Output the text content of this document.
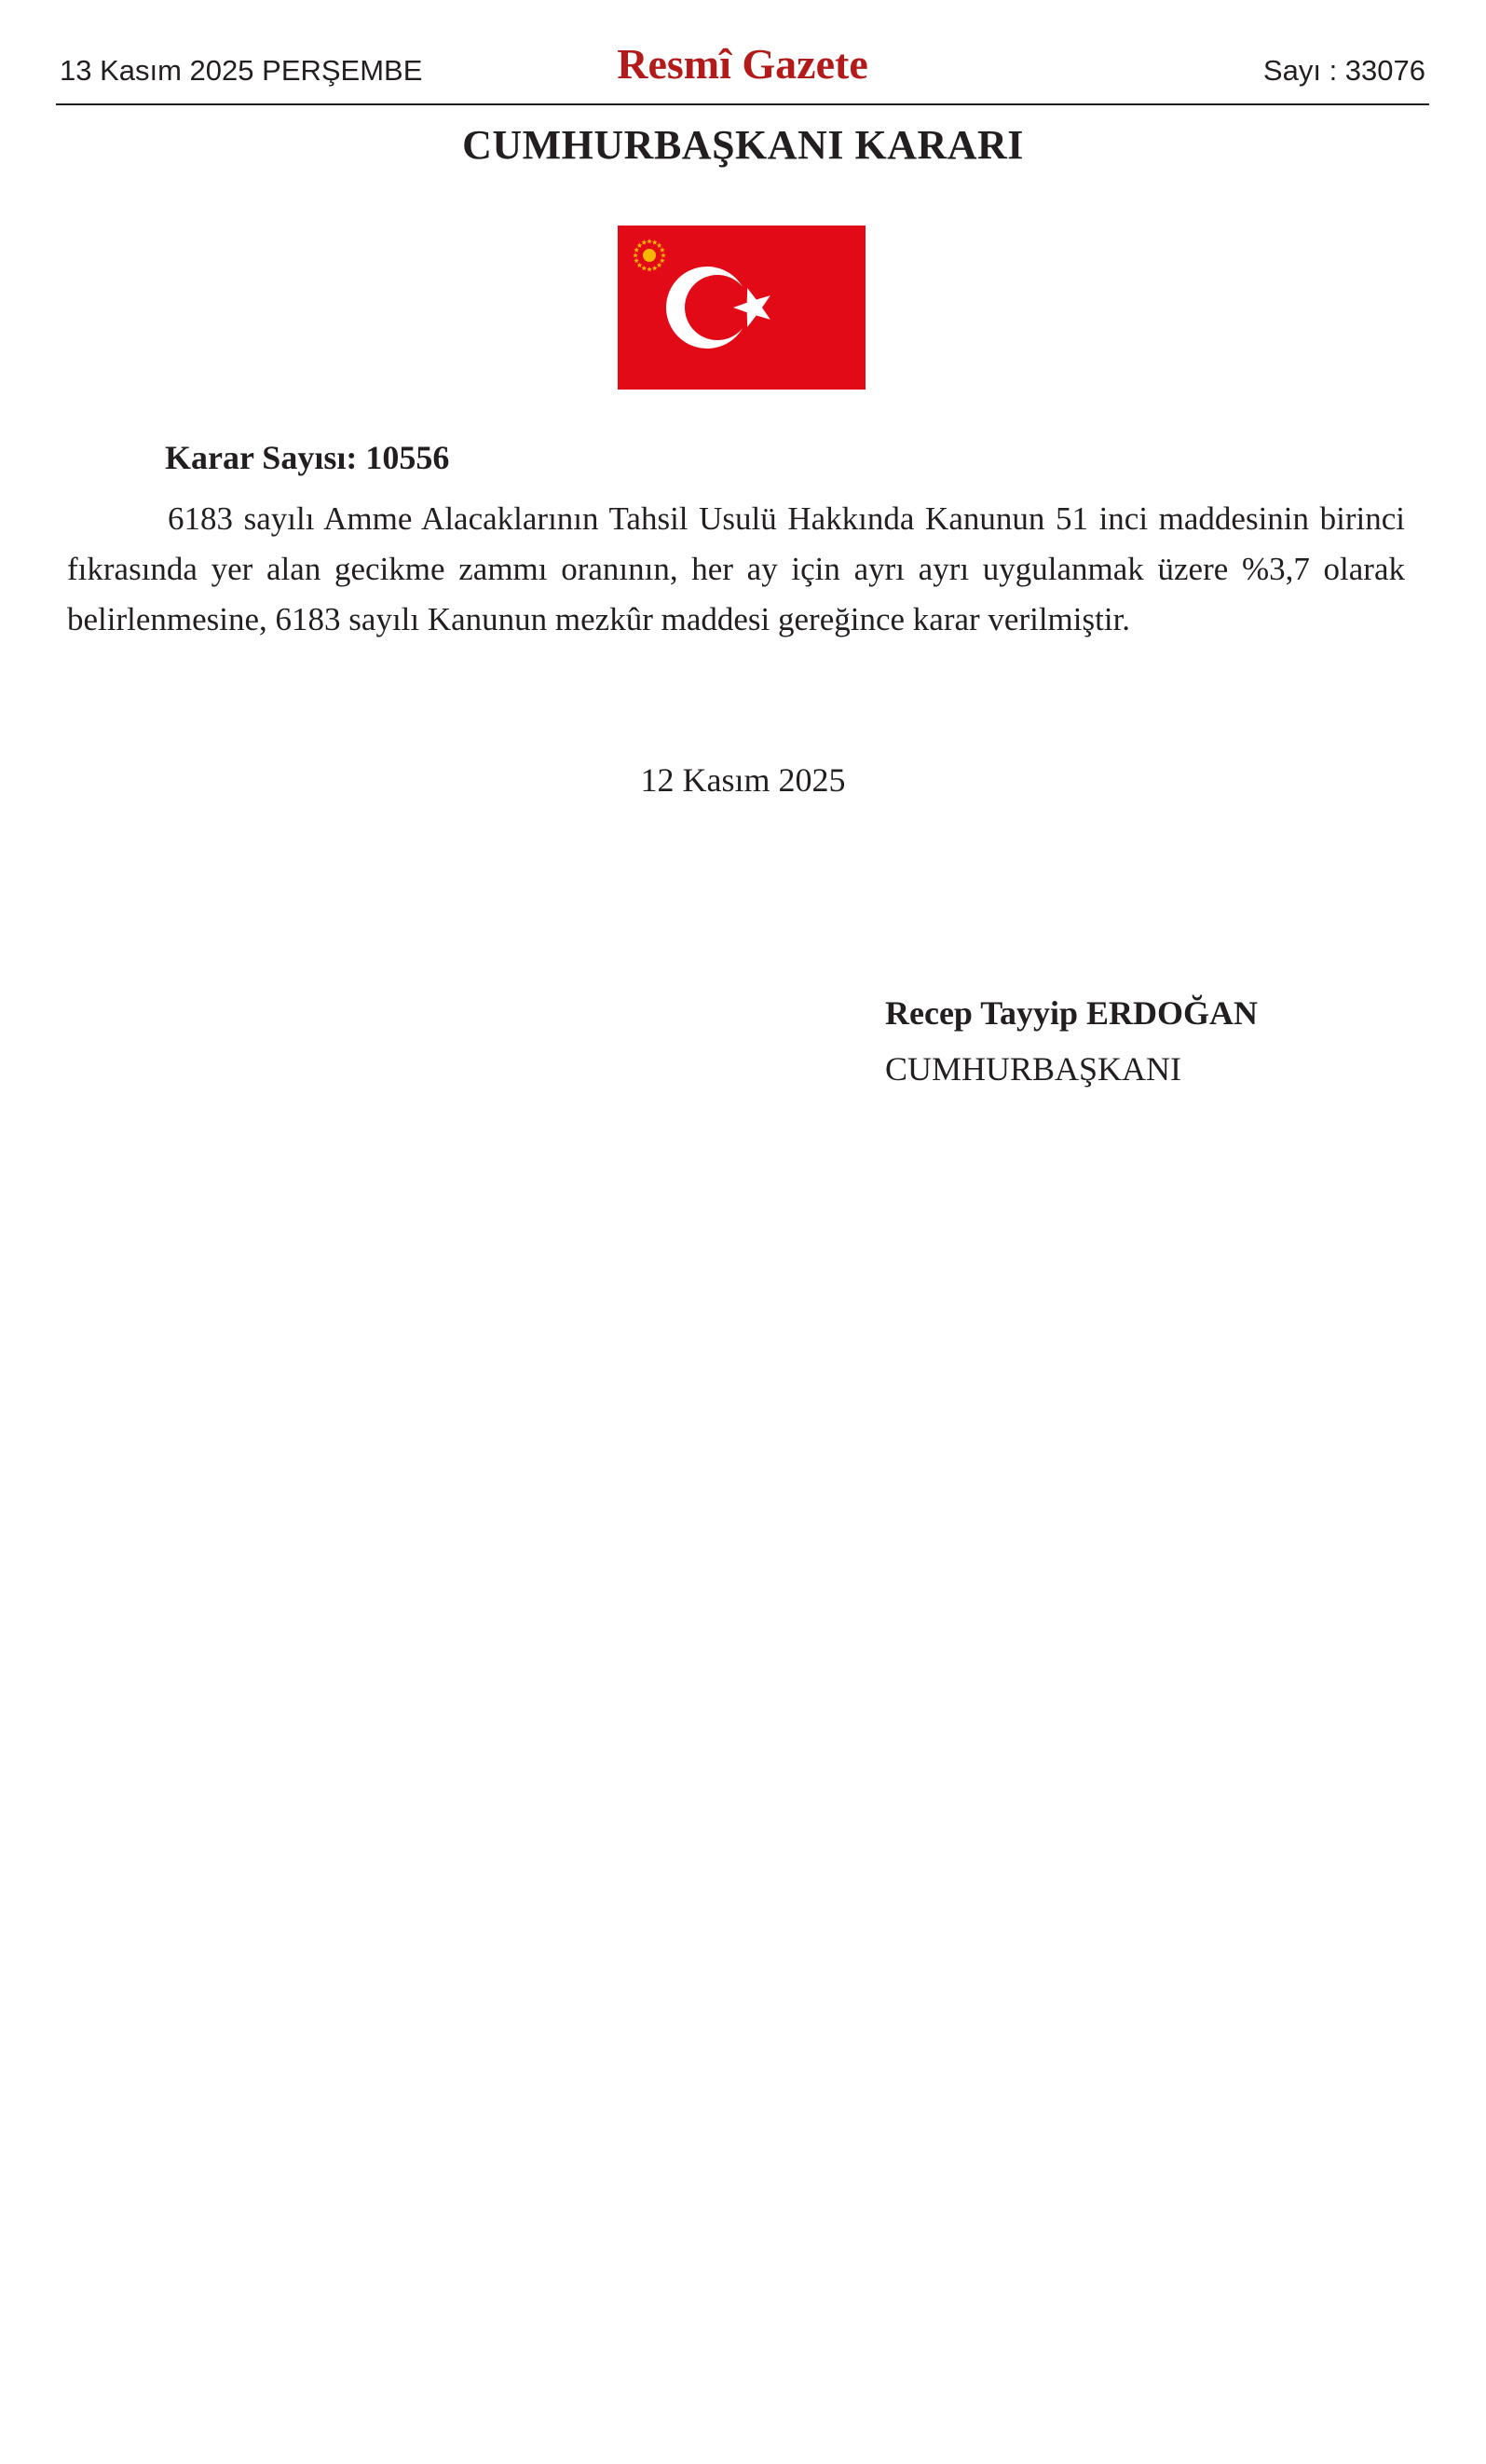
13 Kasım 2025 PERŞEMBE	Resmî Gazete	Sayı : 33076
CUMHURBAŞKANI KARARI
Karar Sayısı: 10556

6183 sayılı Amme Alacaklarının Tahsil Usulü Hakkında Kanunun 51 inci maddesinin birinci fıkrasında yer alan gecikme zammı oranının, her ay için ayrı ayrı uygulanmak üzere %3,7 olarak belirlenmesine, 6183 sayılı Kanunun mezkûr maddesi gereğince karar verilmiştir.

12 Kasım 2025
Recep Tayyip ERDOĞAN
CUMHURBAŞKANI
